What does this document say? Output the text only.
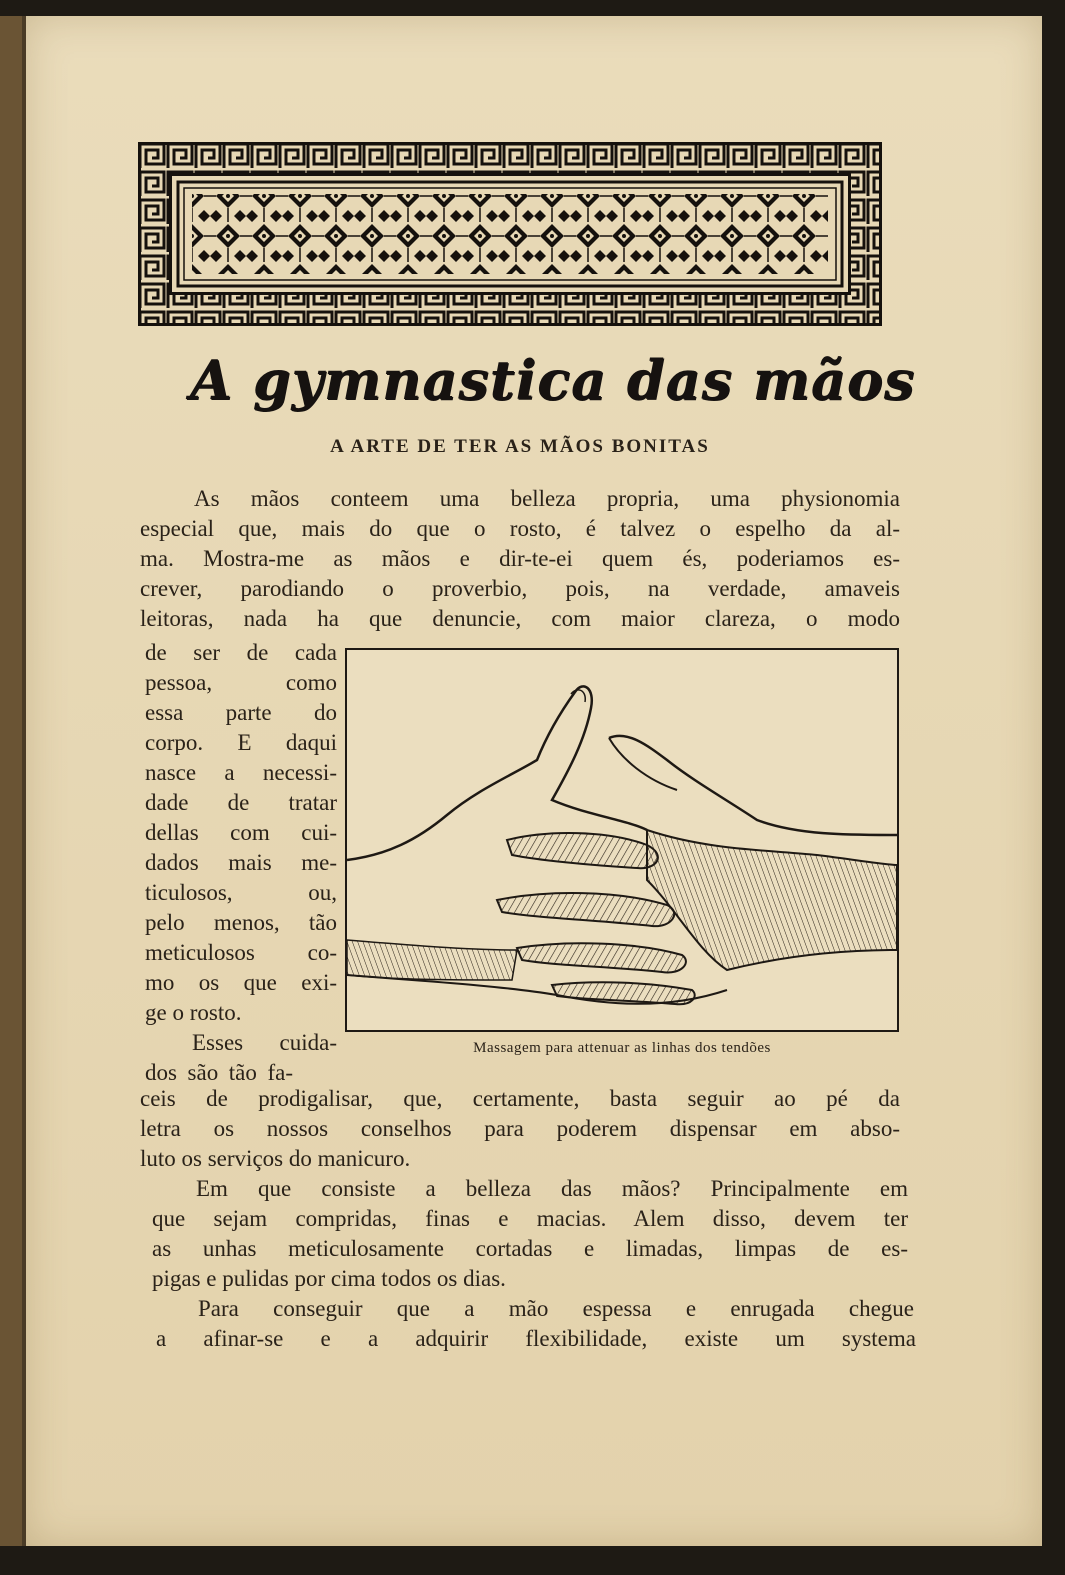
A gymnastica das mãos
A ARTE DE TER AS MÃOS BONITAS

As mãos conteem uma belleza propria, uma physionomia

especial que, mais do que o rosto, é talvez o espelho da al-

ma. Mostra-me as mãos e dir-te-ei quem és, poderiamos es-

crever, parodiando o proverbio, pois, na verdade, amaveis

leitoras, nada ha que denuncie, com maior clareza, o modo

de ser de cada

pessoa, como

essa parte do

corpo. E daqui

nasce a necessi-

dade de tratar

dellas com cui-

dados mais me-

ticulosos, ou,

pelo menos, tão

meticulosos co-

mo os que exi-

ge o rosto.

Esses cuida-

dos são tão fa-

Massagem para attenuar as linhas dos tendões

ceis de prodigalisar, que, certamente, basta seguir ao pé da

letra os nossos conselhos para poderem dispensar em abso-

luto os serviços do manicuro.

Em que consiste a belleza das mãos? Principalmente em

que sejam compridas, finas e macias. Alem disso, devem ter

as unhas meticulosamente cortadas e limadas, limpas de es-

pigas e pulidas por cima todos os dias.

Para conseguir que a mão espessa e enrugada chegue

a afinar-se e a adquirir flexibilidade, existe um systema
